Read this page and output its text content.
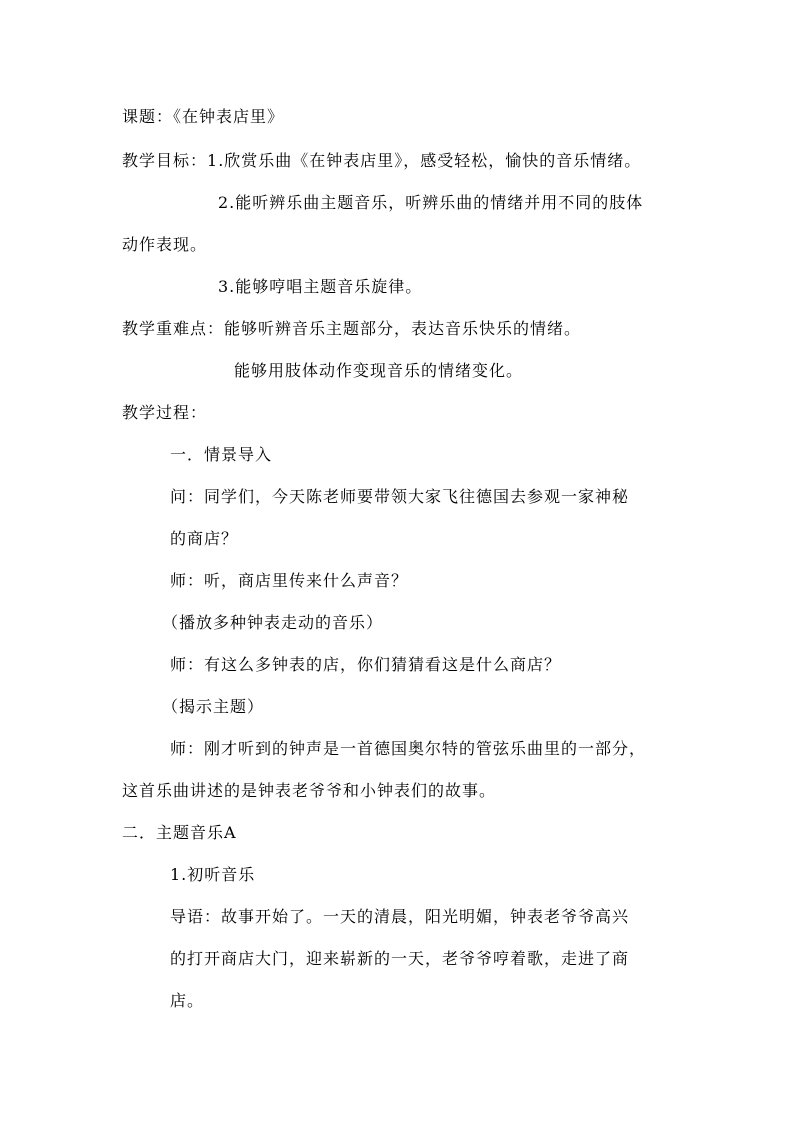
课题：《在钟表店里》
教学目标：1.欣赏乐曲《在钟表店里》，感受轻松，愉快的音乐情绪。
2.能听辨乐曲主题音乐，听辨乐曲的情绪并用不同的肢体
动作表现。
3.能够哼唱主题音乐旋律。
教学重难点：能够听辨音乐主题部分，表达音乐快乐的情绪。
能够用肢体动作变现音乐的情绪变化。
教学过程：
一．情景导入
问：同学们，今天陈老师要带领大家飞往德国去参观一家神秘
的商店？
师：听，商店里传来什么声音？
（播放多种钟表走动的音乐）
师：有这么多钟表的店，你们猜猜看这是什么商店？
（揭示主题）
师：刚才听到的钟声是一首德国奥尔特的管弦乐曲里的一部分，
这首乐曲讲述的是钟表老爷爷和小钟表们的故事。
二．主题音乐A
1.初听音乐
导语：故事开始了。一天的清晨，阳光明媚，钟表老爷爷高兴
的打开商店大门，迎来崭新的一天，老爷爷哼着歌，走进了商
店。
